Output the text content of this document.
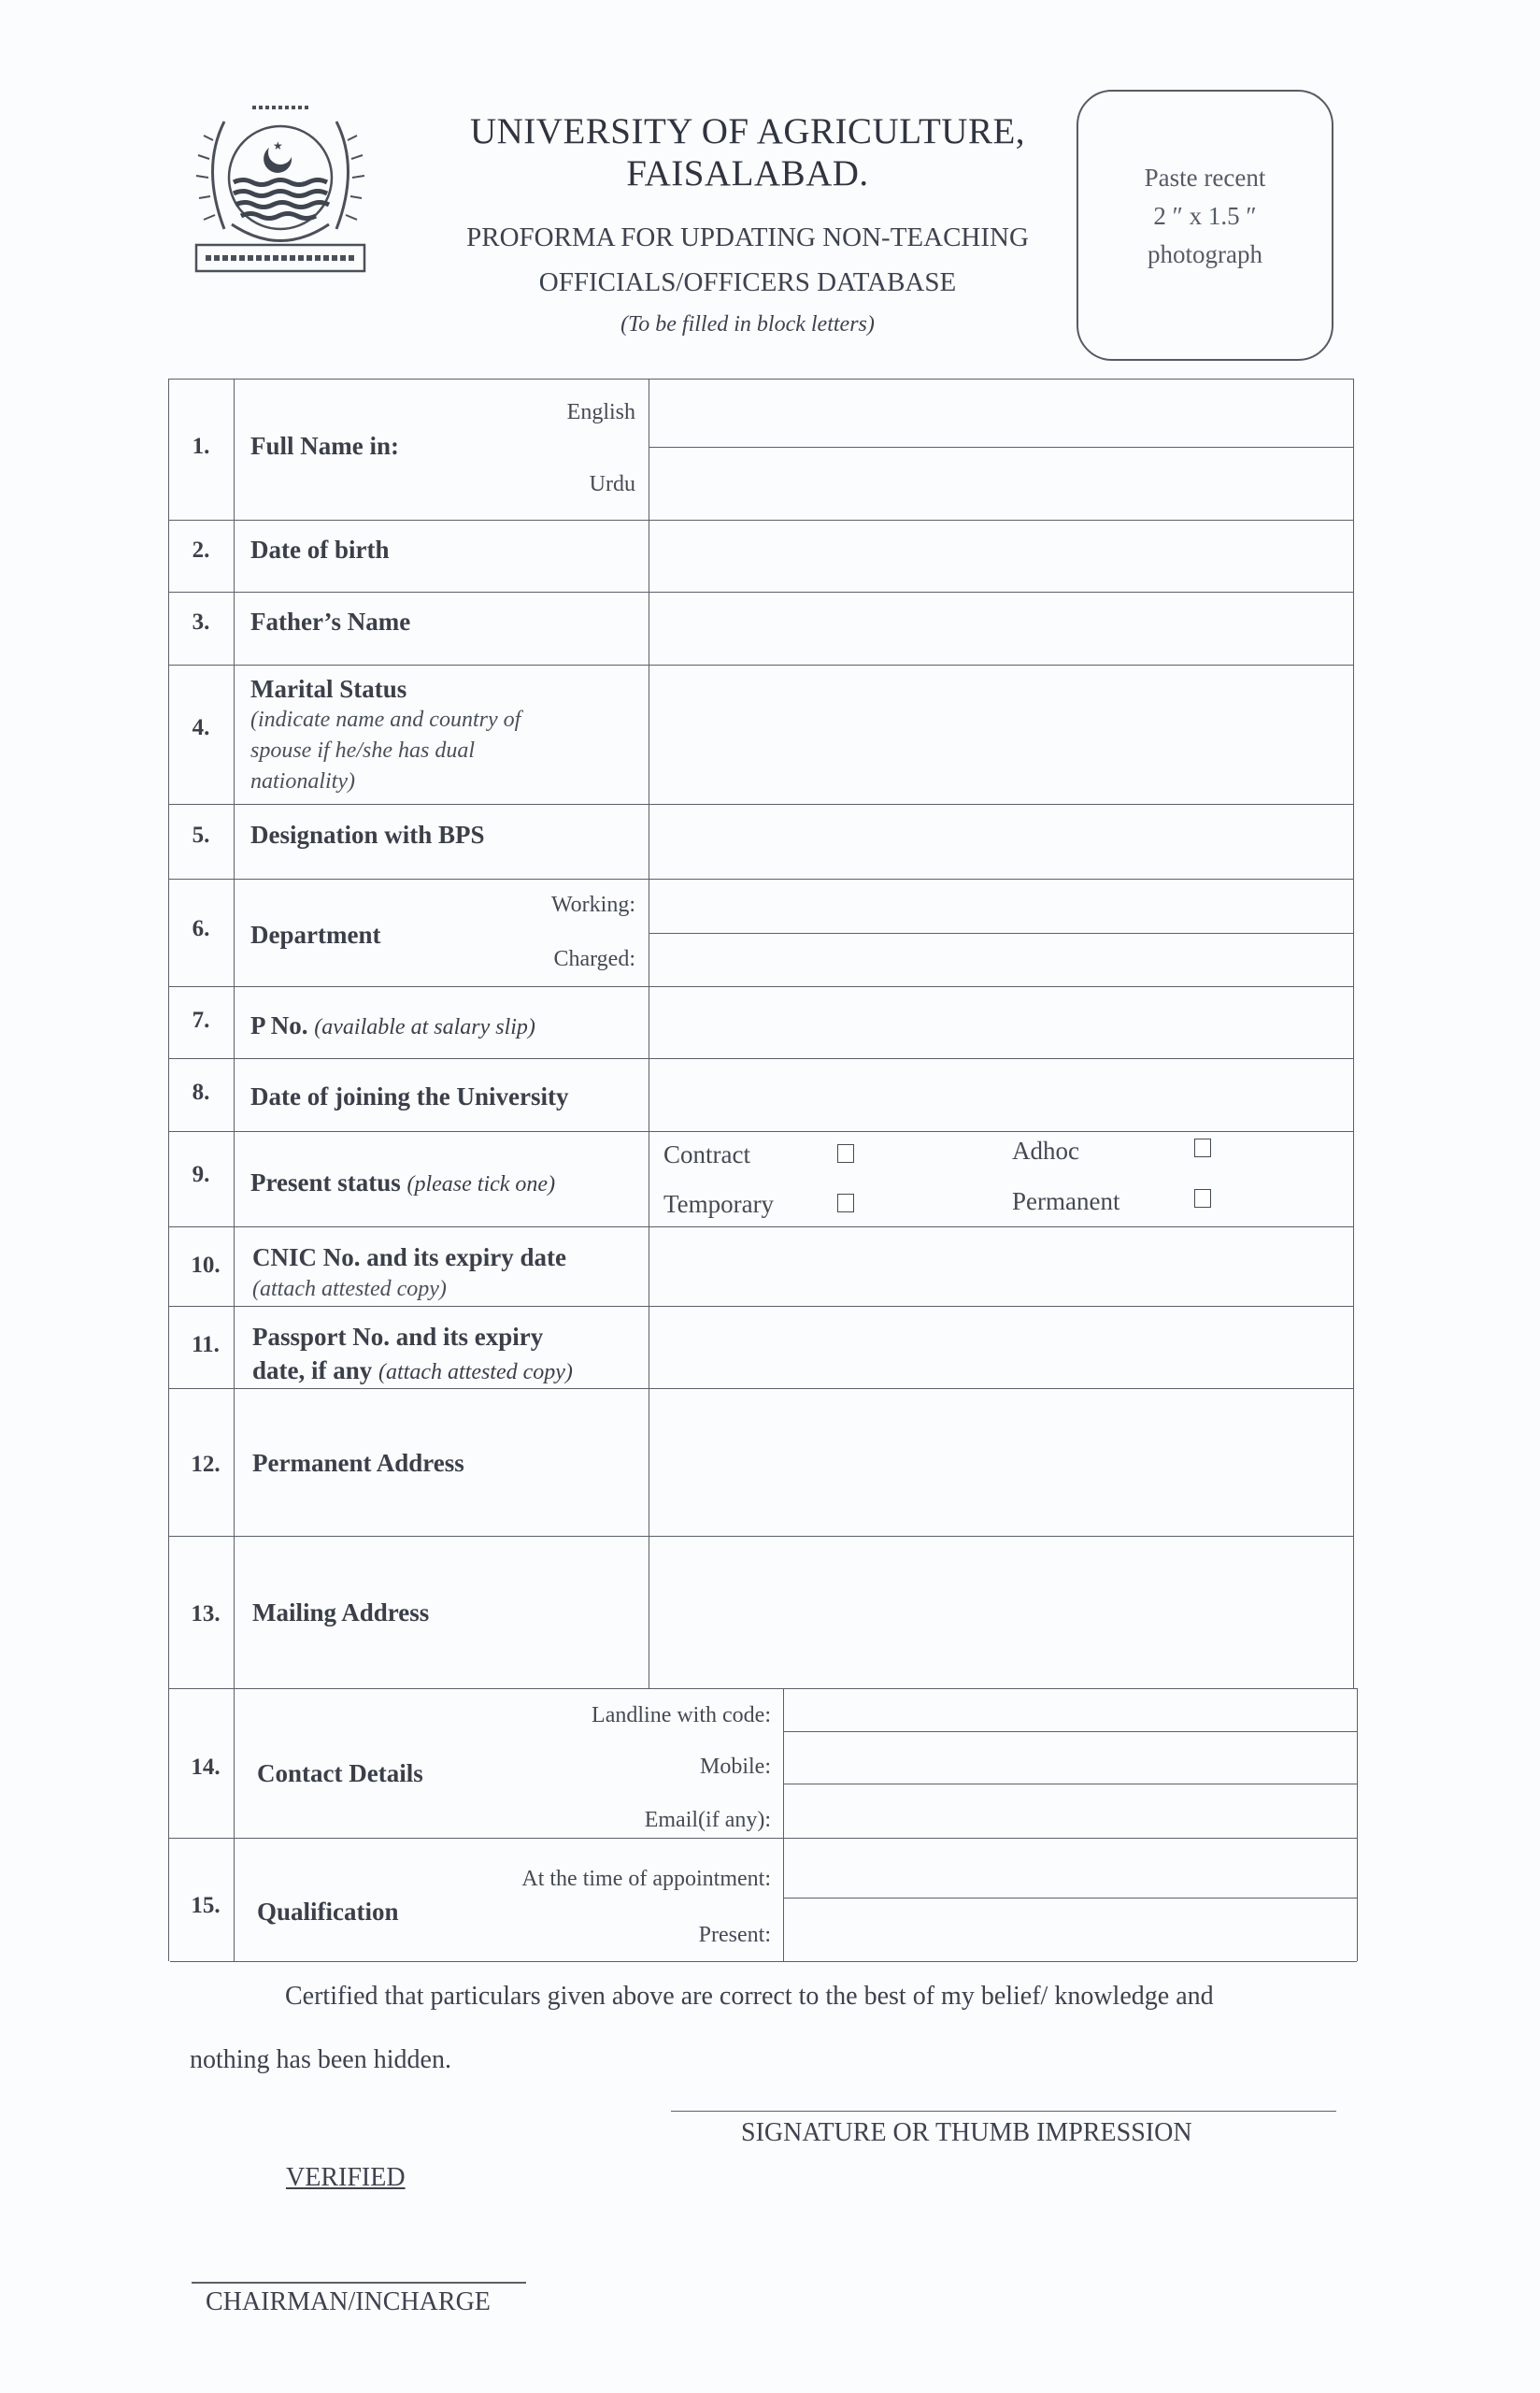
★	UNIVERSITY OF AGRICULTURE,
FAISALABAD.
PROFORMA FOR UPDATING NON-TEACHING
OFFICIALS/OFFICERS DATABASE
(To be filled in block letters)
Paste recent
2 ″ x 1.5 ″
photograph
1.	Full Name in:
English
Urdu
2.	Date of birth
3.	Father’s Name
4.
Marital Status
(indicate name and country of
spouse if he/she has dual
nationality)
5.	Designation with BPS
6.	Department
Working:
Charged:
7.	P No. (available at salary slip)
8.	Date of joining the University
9.	Present status (please tick one)
Contract	Adhoc
Temporary	Permanent
10.	CNIC No. and its expiry date
(attach attested copy)
11.	Passport No. and its expiry
date, if any (attach attested copy)
12.	Permanent Address
13.	Mailing Address
14.	Contact Details
Landline with code:
Mobile:
Email(if any):
15.	Qualification
At the time of appointment:
Present:
Certified that particulars given above are correct to the best of my belief/ knowledge and
nothing has been hidden.
SIGNATURE OR THUMB IMPRESSION
VERIFIED
CHAIRMAN/INCHARGE
